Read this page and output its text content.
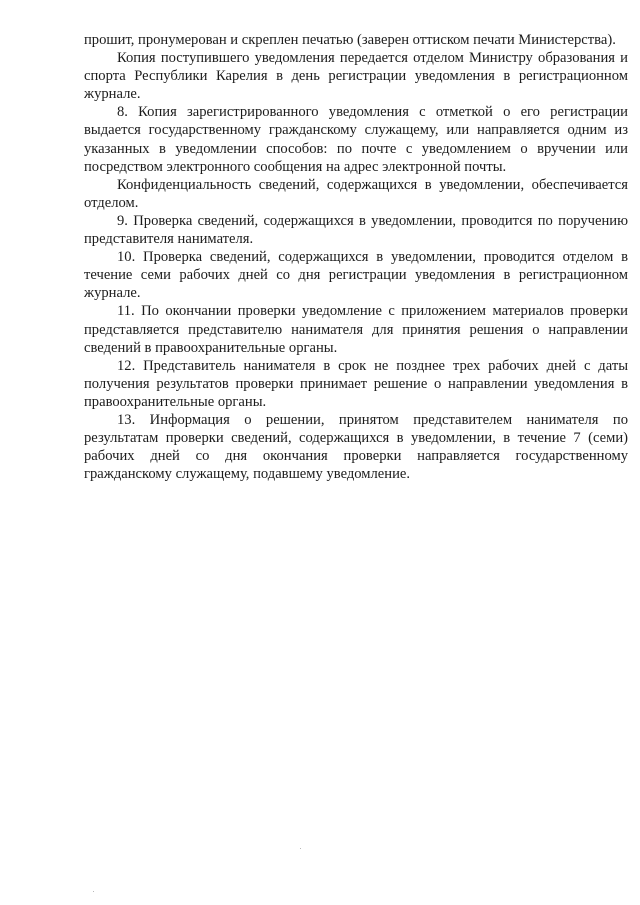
прошит, пронумерован и скреплен печатью (заверен оттиском печати Министерства).

Копия поступившего уведомления передается отделом Министру образования и спорта Республики Карелия в день регистрации уведомления в регистрационном журнале.

8. Копия зарегистрированного уведомления с отметкой о его регистрации выдается государственному гражданскому служащему, или направляется одним из указанных в уведомлении способов: по почте с уведомлением о вручении или посредством электронного сообщения на адрес электронной почты.

Конфиденциальность сведений, содержащихся в уведомлении, обеспечивается отделом.

9. Проверка сведений, содержащихся в уведомлении, проводится по поручению представителя нанимателя.

10. Проверка сведений, содержащихся в уведомлении, проводится отделом в течение семи рабочих дней со дня регистрации уведомления в регистрационном журнале.

11. По окончании проверки уведомление с приложением материалов проверки представляется представителю нанимателя для принятия решения о направлении сведений в правоохранительные органы.

12. Представитель нанимателя в срок не позднее трех рабочих дней с даты получения результатов проверки принимает решение о направлении уведомления в правоохранительные органы.

13. Информация о решении, принятом представителем нанимателя по результатам проверки сведений, содержащихся в уведомлении, в течение 7 (семи) рабочих дней со дня окончания проверки направляется государственному гражданскому служащему, подавшему уведомление.
